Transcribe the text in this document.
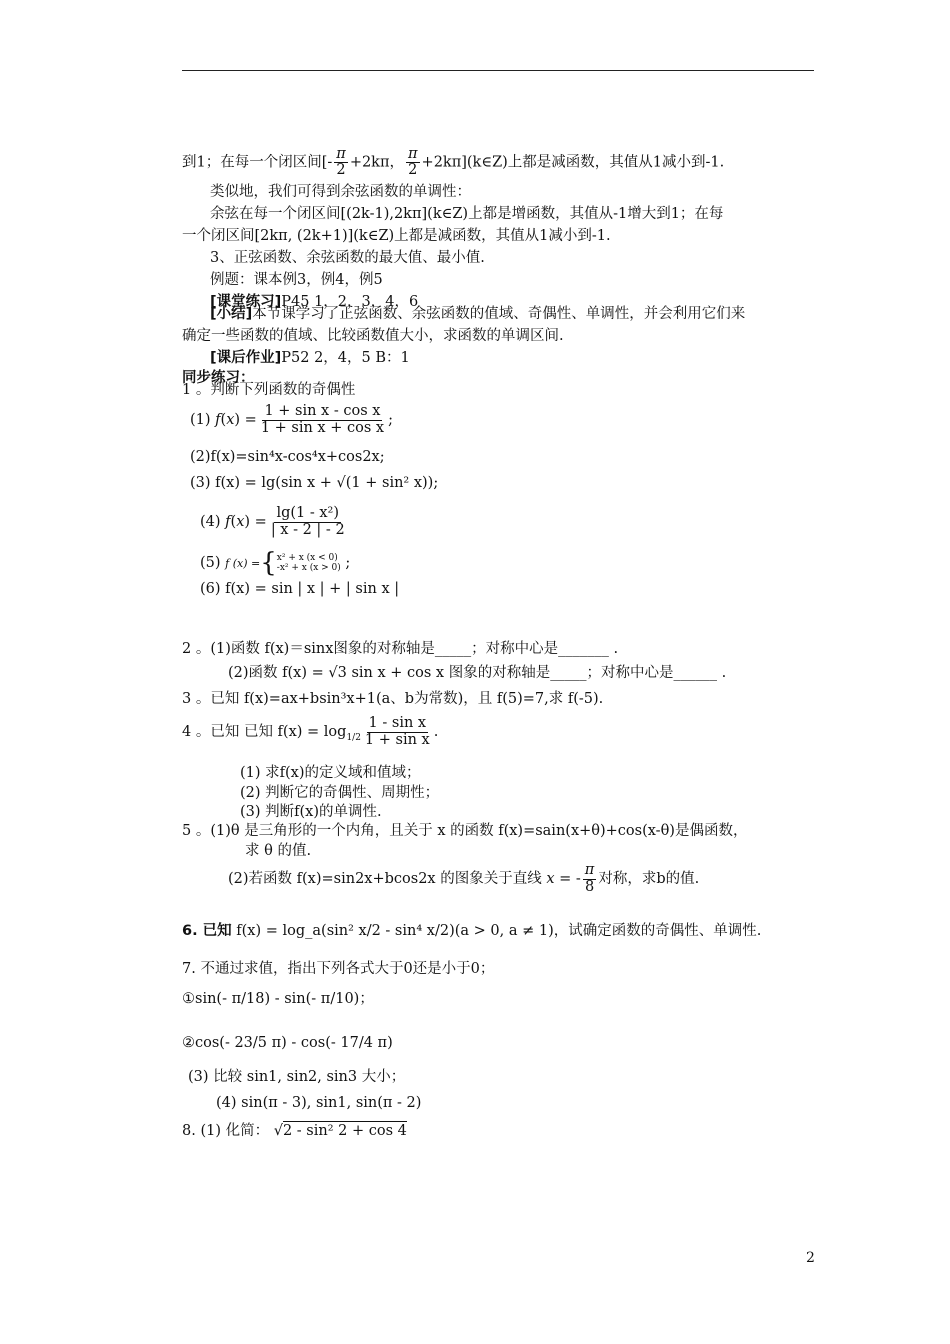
到1；在每一个闭区间[- $\frac{\pi}{2} +2k\pi$， $\frac{\pi}{2}$ +2kπ](k∈Z)上都是减函数，其值从1减小到-1.
类似地，我们可得到余弦函数的单调性：
余弦在每一个闭区间[(2k-1),2kπ](k∈Z)上都是增函数，其值从-1增大到1；在每
一个闭区间[2kπ, (2k+1)](k∈Z)上都是减函数，其值从1减小到-1.
3、正弦函数、余弦函数的最大值、最小值.
例题：课本例3，例4，例5
[课堂练习]P45 1，2，3，4，6
[小结]本节课学习了正弦函数、余弦函数的值域、奇偶性、单调性，并会利用它们来
确定一些函数的值域、比较函数值大小，求函数的单调区间.
[课后作业]P52 2，4，5 B：1
同步练习：
1 。判断下列函数的奇偶性
(1) $f(x) = \frac{\text{1 + sin x - cos x}}{\text{1 + sin x + cos x}}$ ;
(2)f(x)=sin⁴x-cos⁴x+cos2x;
(3) f(x) = lg(sin x + √(1 + sin² x));
(4) $f(x) = \frac{\text{lg(1 - x²)}}{| x - 2 | - 2}$
(5) f (x) ={ x² + x (x < 0)
-x² + x (x > 0) ;
(6) f(x) = sin | x | + | sin x |
2 。(1)函数 f(x)＝sinx图象的对称轴是_____；对称中心是_______ .
(2)函数 f(x) = √3 sin x + cos x 图象的对称轴是_____；对称中心是______ .
3 。已知 f(x)=ax+bsin³x+1(a、b为常数)，且 f(5)=7,求 f(-5).
4 。已知 已知 $f(x) = \log_{1/2} \frac{\text{1 - sin x}}{\text{1 + sin x}}$ .
(1) 求f(x)的定义域和值域；
(2) 判断它的奇偶性、周期性；
(3) 判断f(x)的单调性.
5 。(1)θ 是三角形的一个内角，且关于 x 的函数 f(x)=sain(x+θ)+cos(x-θ)是偶函数，
求 θ 的值.
(2)若函数 f(x)=sin2x+bcos2x 的图象关于直线 x = - $\frac{\pi}{8}$ 对称，求b的值.
6. 已知 f(x) = log_a(sin² x/2 - sin⁴ x/2)(a > 0, a ≠ 1)，试确定函数的奇偶性、单调性.
7. 不通过求值，指出下列各式大于0还是小于0；
①sin(- π/18) - sin(- π/10)；
②cos(- 23/5 π) - cos(- 17/4 π)
(3) 比较 sin1, sin2, sin3 大小；
(4) sin(π - 3), sin1, sin(π - 2)
8. (1) 化简： √2 - sin² 2 + cos 4
2
